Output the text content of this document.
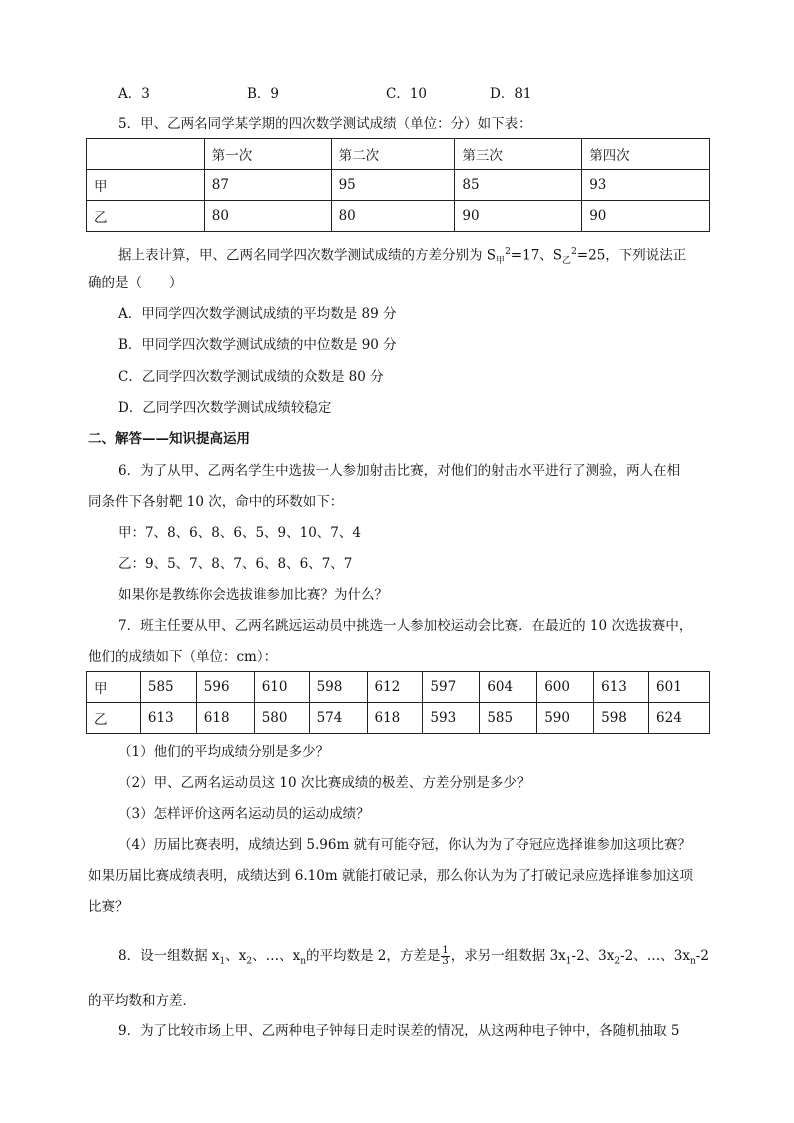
A．3	B．9	C．10	D．81
5．甲、乙两名同学某学期的四次数学测试成绩（单位：分）如下表：
	第一次	第二次	第三次	第四次
甲	87	95	85	93
乙	80	80	90	90
据上表计算，甲、乙两名同学四次数学测试成绩的方差分别为 $S_甲^2=17$、$S_乙^2=25$，下列说法正
确的是（　　）
A．甲同学四次数学测试成绩的平均数是 89 分
B．甲同学四次数学测试成绩的中位数是 90 分
C．乙同学四次数学测试成绩的众数是 80 分
D．乙同学四次数学测试成绩较稳定
二、解答——知识提高运用
6．为了从甲、乙两名学生中选拔一人参加射击比赛，对他们的射击水平进行了测验，两人在相
同条件下各射靶 10 次，命中的环数如下：
甲：7、8、6、8、6、5、9、10、7、4
乙：9、5、7、8、7、6、8、6、7、7
如果你是教练你会选拔谁参加比赛？为什么？
7．班主任要从甲、乙两名跳远运动员中挑选一人参加校运动会比赛．在最近的 10 次选拔赛中，
他们的成绩如下（单位：cm）：
甲	585	596	610	598	612	597	604	600	613	601
乙	613	618	580	574	618	593	585	590	598	624
（1）他们的平均成绩分别是多少？
（2）甲、乙两名运动员这 10 次比赛成绩的极差、方差分别是多少？
（3）怎样评价这两名运动员的运动成绩？
（4）历届比赛表明，成绩达到 5.96m 就有可能夺冠，你认为为了夺冠应选择谁参加这项比赛？
如果历届比赛成绩表明，成绩达到 6.10m 就能打破记录，那么你认为为了打破记录应选择谁参加这项
比赛？
8．设一组数据 $x_1$、$x_2$、…、$x_n$的平均数是 2，方差是 $\frac{1}{3}$ ，求另一组数据 $3x_1-2$、$3x_2-2$、…、$3x_n-2$
的平均数和方差．
9．为了比较市场上甲、乙两种电子钟每日走时误差的情况，从这两种电子钟中，各随机抽取 5
